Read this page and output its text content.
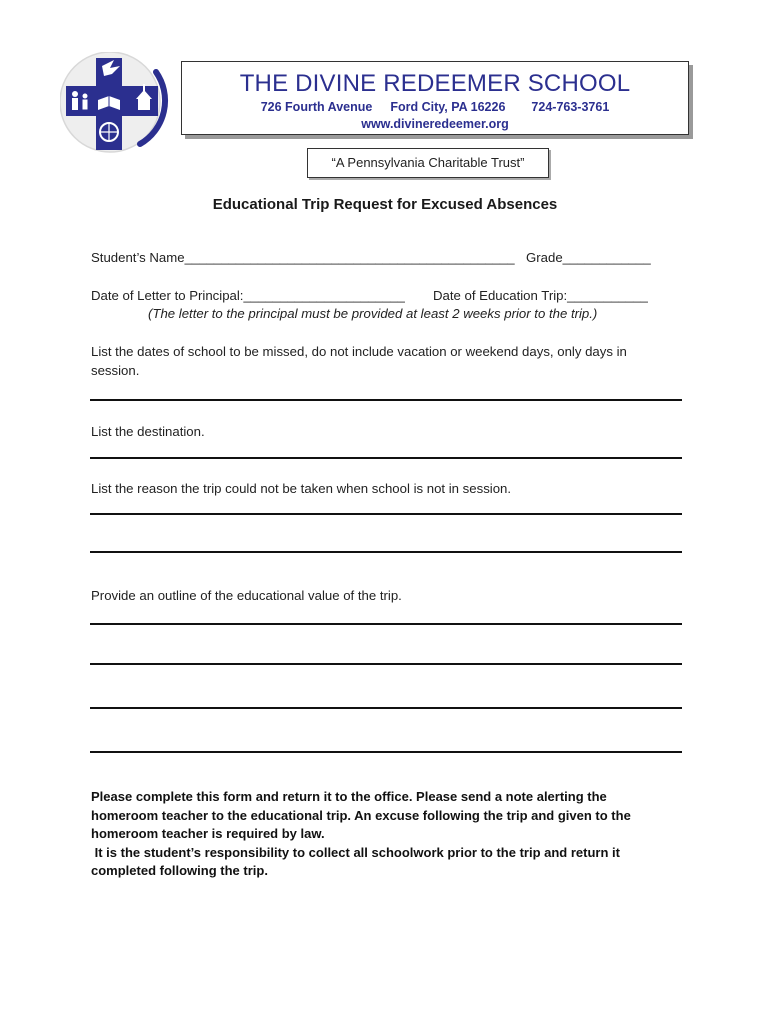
THE DIVINE REDEEMER SCHOOL
726 Fourth Avenue Ford City, PA 16226 724-763-3761
www.divineredeemer.org
“A Pennsylvania Charitable Trust”
Educational Trip Request for Excused Absences
Student’s Name_____________________________________________ Grade____________
Date of Letter to Principal:______________________ Date of Education Trip:___________
(The letter to the principal must be provided at least 2 weeks prior to the trip.)
List the dates of school to be missed, do not include vacation or weekend days, only days in
session.
List the destination.
List the reason the trip could not be taken when school is not in session.
Provide an outline of the educational value of the trip.
Please complete this form and return it to the office. Please send a note alerting the
homeroom teacher to the educational trip. An excuse following the trip and given to the
homeroom teacher is required by law.
It is the student’s responsibility to collect all schoolwork prior to the trip and return it
completed following the trip.
